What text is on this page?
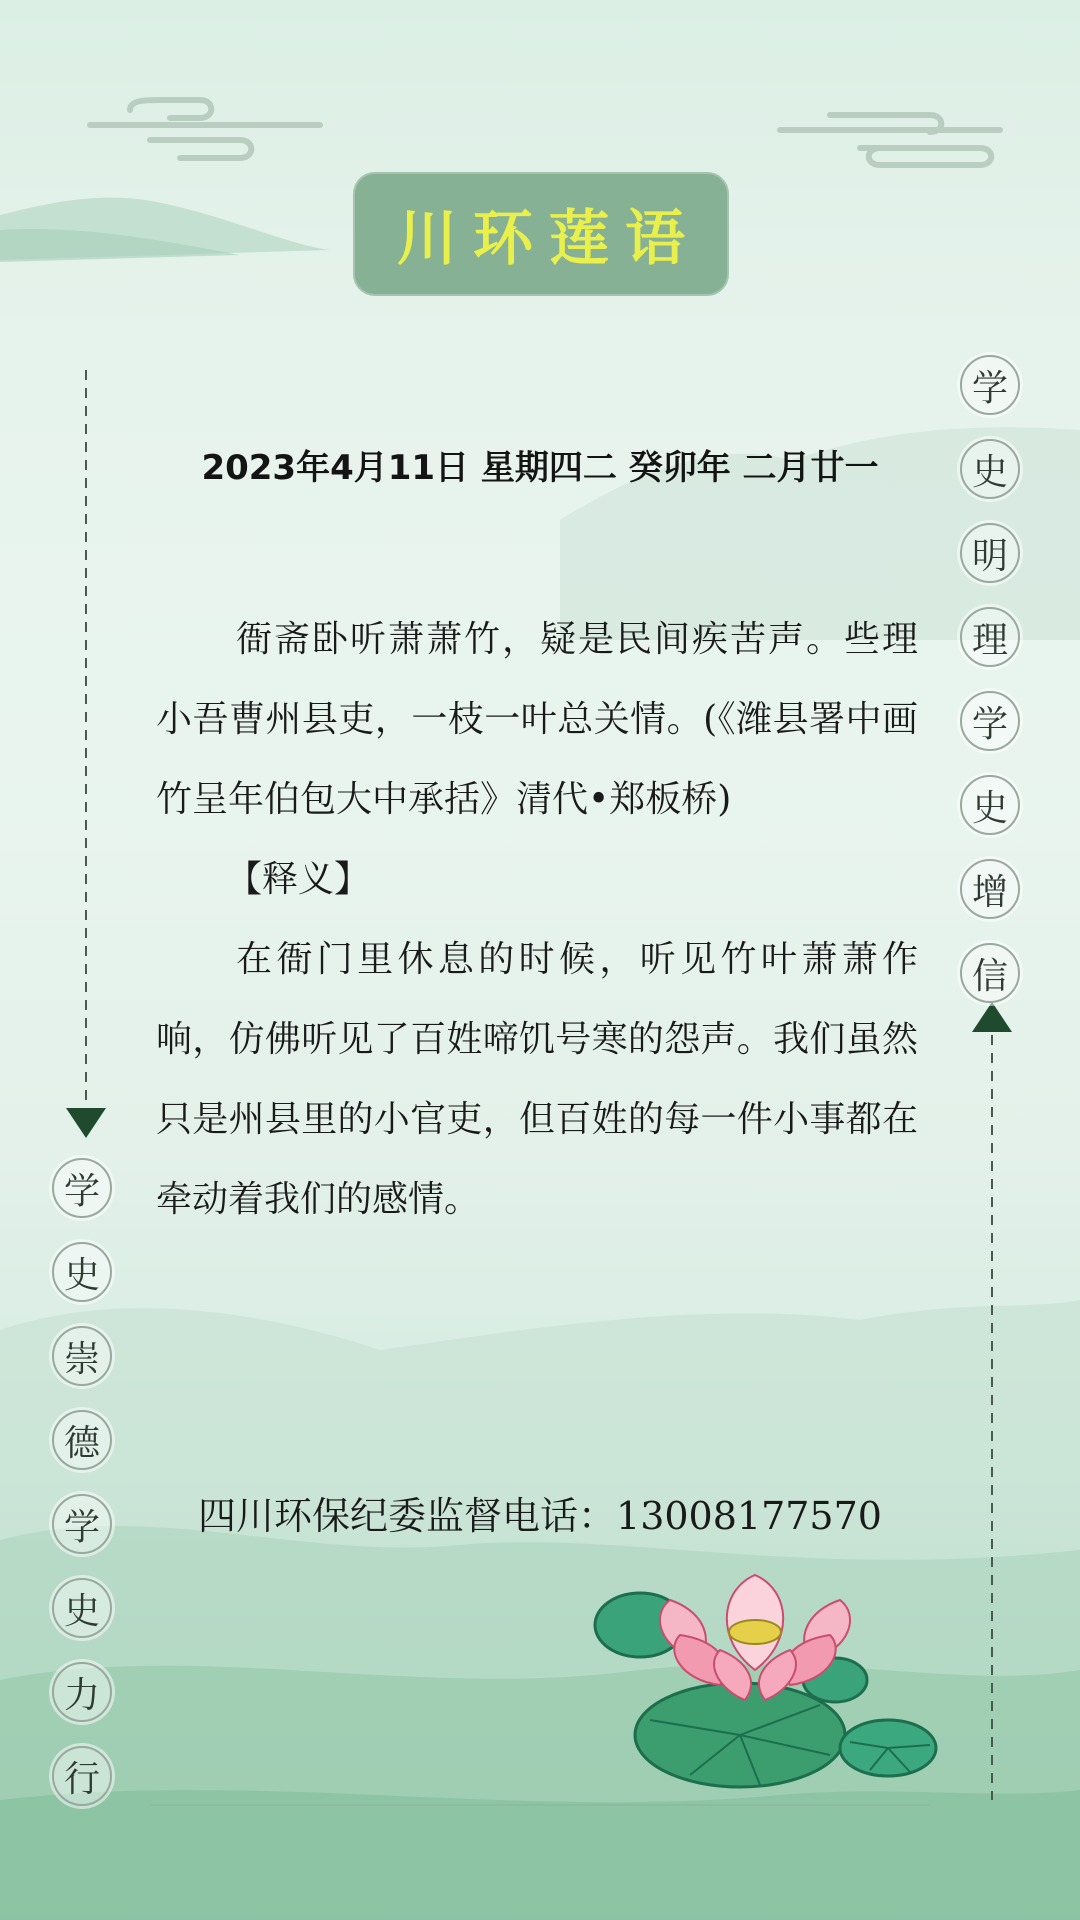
川环莲语
2023年4月11日 星期四二 癸卯年 二月廿一

衙斋卧听萧萧竹，疑是民间疾苦声。些理小吾曹州县吏，一枝一叶总关情。(《潍县署中画竹呈年伯包大中承括》清代•郑板桥)

【释义】

在衙门里休息的时候，听见竹叶萧萧作响，仿佛听见了百姓啼饥号寒的怨声。我们虽然只是州县里的小官吏，但百姓的每一件小事都在牵动着我们的感情。

四川环保纪委监督电话：13008177570
学
史
崇
德
学
史
力
行
学
史
明
理
学
史
增
信
